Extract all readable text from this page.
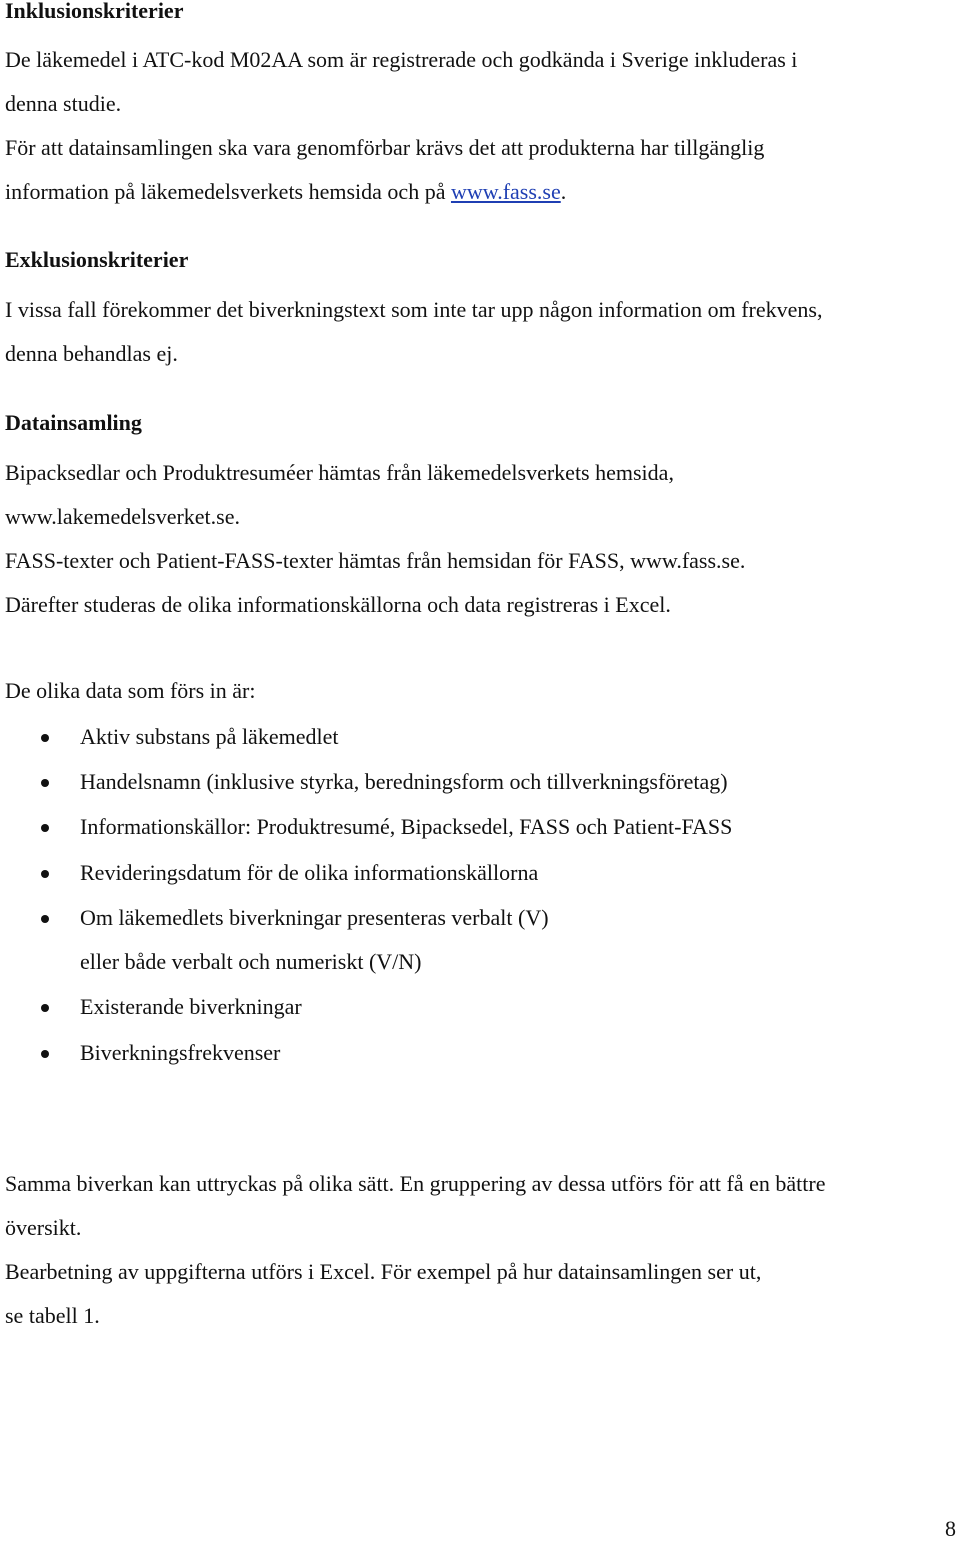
Inklusionskriterier

De läkemedel i ATC-kod M02AA som är registrerade och godkända i Sverige inkluderas i

denna studie.

För att datainsamlingen ska vara genomförbar krävs det att produkterna har tillgänglig

information på läkemedelsverkets hemsida och på www.fass.se.

Exklusionskriterier

I vissa fall förekommer det biverkningstext som inte tar upp någon information om frekvens,

denna behandlas ej.

Datainsamling

Bipacksedlar och Produktresuméer hämtas från läkemedelsverkets hemsida,

www.lakemedelsverket.se.

FASS-texter och Patient-FASS-texter hämtas från hemsidan för FASS, www.fass.se.

Därefter studeras de olika informationskällorna och data registreras i Excel.

De olika data som förs in är:

Aktiv substans på läkemedlet
Handelsnamn (inklusive styrka, beredningsform och tillverkningsföretag)
Informationskällor: Produktresumé, Bipacksedel, FASS och Patient-FASS
Revideringsdatum för de olika informationskällorna
Om läkemedlets biverkningar presenteras verbalt (V)
eller både verbalt och numeriskt (V/N)
Existerande biverkningar
Biverkningsfrekvenser

Samma biverkan kan uttryckas på olika sätt. En gruppering av dessa utförs för att få en bättre

översikt.

Bearbetning av uppgifterna utförs i Excel. För exempel på hur datainsamlingen ser ut,

se tabell 1.

8
